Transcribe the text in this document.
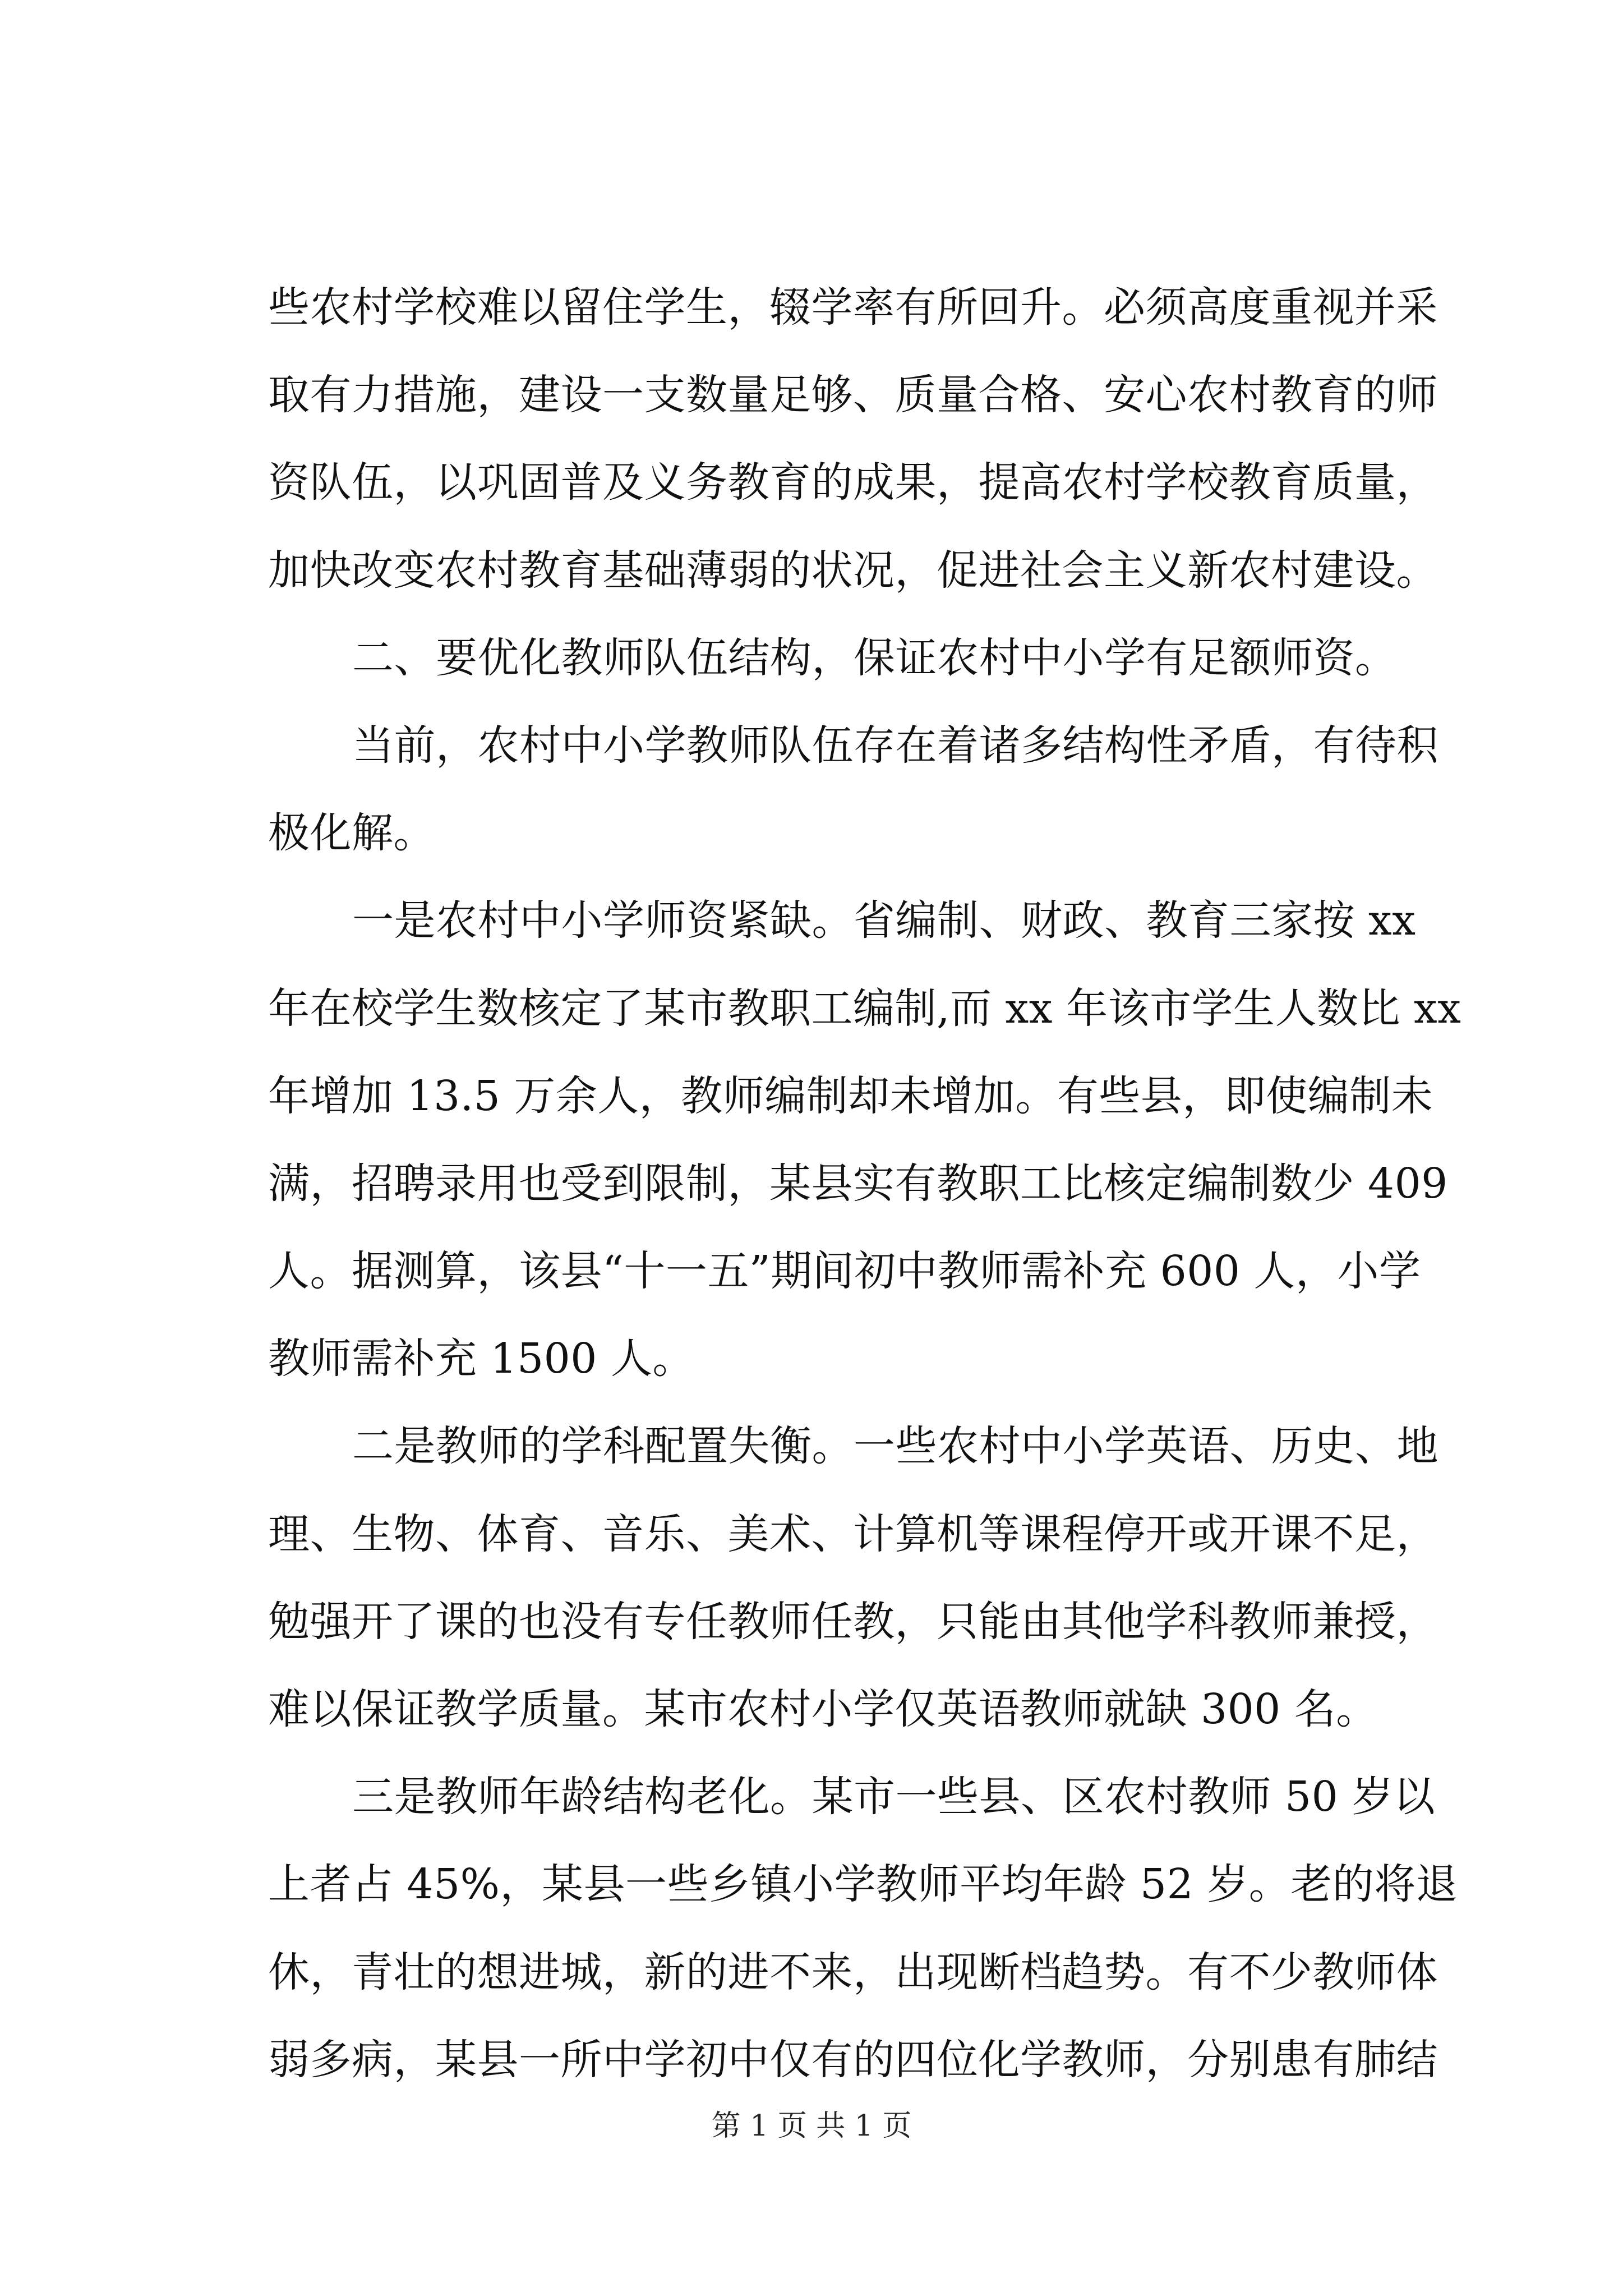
些农村学校难以留住学生，辍学率有所回升。必须高度重视并采
取有力措施，建设一支数量足够、质量合格、安心农村教育的师
资队伍，以巩固普及义务教育的成果，提高农村学校教育质量，
加快改变农村教育基础薄弱的状况，促进社会主义新农村建设。
二、要优化教师队伍结构，保证农村中小学有足额师资。
当前，农村中小学教师队伍存在着诸多结构性矛盾，有待积
极化解。
一是农村中小学师资紧缺。省编制、财政、教育三家按 xx
年在校学生数核定了某市教职工编制,而 xx 年该市学生人数比 xx
年增加 13.5 万余人，教师编制却未增加。有些县，即使编制未
满，招聘录用也受到限制，某县实有教职工比核定编制数少 409
人。据测算，该县“十一五”期间初中教师需补充 600 人，小学
教师需补充 1500 人。
二是教师的学科配置失衡。一些农村中小学英语、历史、地
理、生物、体育、音乐、美术、计算机等课程停开或开课不足，
勉强开了课的也没有专任教师任教，只能由其他学科教师兼授，
难以保证教学质量。某市农村小学仅英语教师就缺 300 名。
三是教师年龄结构老化。某市一些县、区农村教师 50 岁以
上者占 45%，某县一些乡镇小学教师平均年龄 52 岁。老的将退
休，青壮的想进城，新的进不来，出现断档趋势。有不少教师体
弱多病，某县一所中学初中仅有的四位化学教师，分别患有肺结
第 1 页 共 1 页
